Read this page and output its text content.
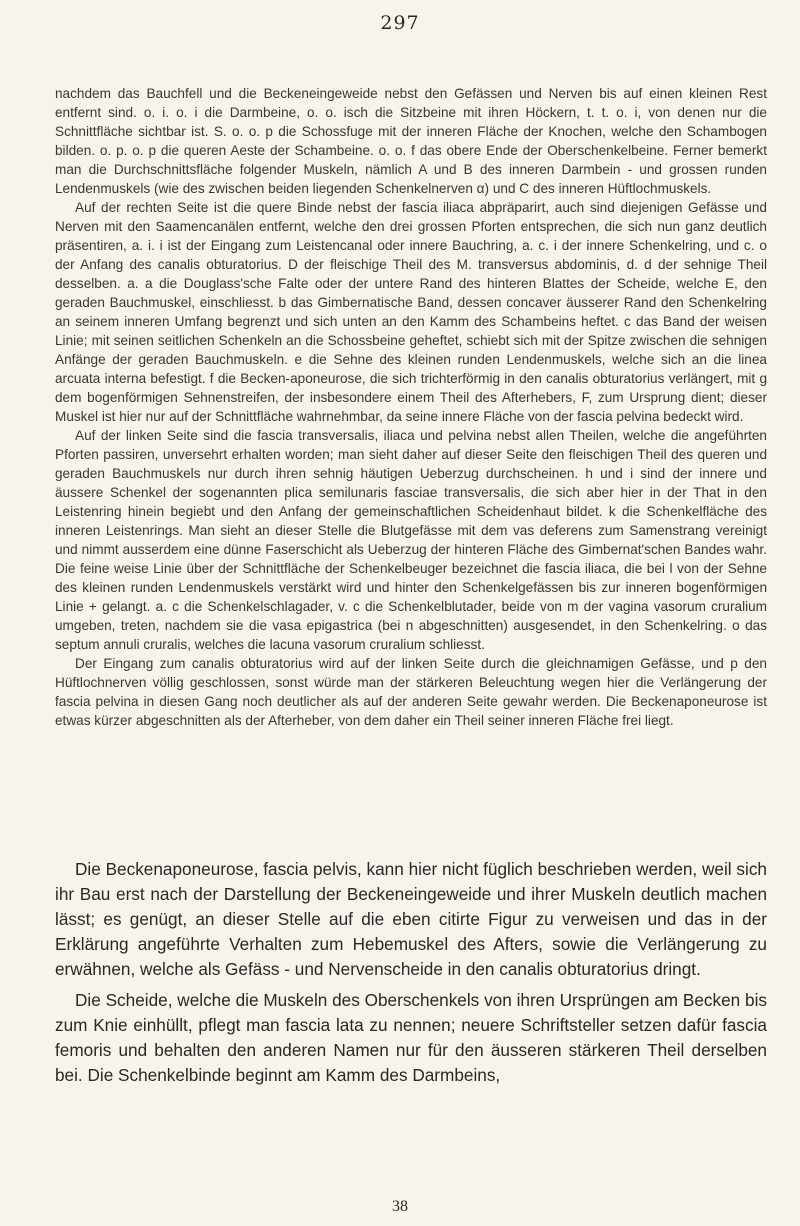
297

nachdem das Bauchfell und die Beckeneingeweide nebst den Gefässen und Nerven bis auf einen kleinen Rest entfernt sind. o. i. o. i die Darmbeine, o. o. isch die Sitzbeine mit ihren Höckern, t. t. o. i, von denen nur die Schnittfläche sichtbar ist. S. o. o. p die Schossfuge mit der inneren Fläche der Knochen, welche den Schambogen bilden. o. p. o. p die queren Aeste der Schambeine. o. o. f das obere Ende der Oberschenkelbeine. Ferner bemerkt man die Durchschnittsfläche folgender Muskeln, nämlich A und B des inneren Darmbein - und grossen runden Lendenmuskels (wie des zwischen beiden liegenden Schenkelnerven α) und C des inneren Hüftlochmuskels.

Auf der rechten Seite ist die quere Binde nebst der fascia iliaca abpräparirt, auch sind diejenigen Gefässe und Nerven mit den Saamencanälen entfernt, welche den drei grossen Pforten entsprechen, die sich nun ganz deutlich präsentiren, a. i. i ist der Eingang zum Leistencanal oder innere Bauchring, a. c. i der innere Schenkelring, und c. o der Anfang des canalis obturatorius. D der fleischige Theil des M. transversus abdominis, d. d der sehnige Theil desselben. a. a die Douglass'sche Falte oder der untere Rand des hinteren Blattes der Scheide, welche E, den geraden Bauchmuskel, einschliesst. b das Gimbernatische Band, dessen concaver äusserer Rand den Schenkelring an seinem inneren Umfang begrenzt und sich unten an den Kamm des Schambeins heftet. c das Band der weisen Linie; mit seinen seitlichen Schenkeln an die Schossbeine geheftet, schiebt sich mit der Spitze zwischen die sehnigen Anfänge der geraden Bauchmuskeln. e die Sehne des kleinen runden Lendenmuskels, welche sich an die linea arcuata interna befestigt. f die Becken-aponeurose, die sich trichterförmig in den canalis obturatorius verlängert, mit g dem bogenförmigen Sehnenstreifen, der insbesondere einem Theil des Afterhebers, F, zum Ursprung dient; dieser Muskel ist hier nur auf der Schnittfläche wahrnehmbar, da seine innere Fläche von der fascia pelvina bedeckt wird.

Auf der linken Seite sind die fascia transversalis, iliaca und pelvina nebst allen Theilen, welche die angeführten Pforten passiren, unversehrt erhalten worden; man sieht daher auf dieser Seite den fleischigen Theil des queren und geraden Bauchmuskels nur durch ihren sehnig häutigen Ueberzug durchscheinen. h und i sind der innere und äussere Schenkel der sogenannten plica semilunaris fasciae transversalis, die sich aber hier in der That in den Leistenring hinein begiebt und den Anfang der gemeinschaftlichen Scheidenhaut bildet. k die Schenkelfläche des inneren Leistenrings. Man sieht an dieser Stelle die Blutgefässe mit dem vas deferens zum Samenstrang vereinigt und nimmt ausserdem eine dünne Faserschicht als Ueberzug der hinteren Fläche des Gimbernat'schen Bandes wahr. Die feine weise Linie über der Schnittfläche der Schenkelbeuger bezeichnet die fascia iliaca, die bei l von der Sehne des kleinen runden Lendenmuskels verstärkt wird und hinter den Schenkelgefässen bis zur inneren bogenförmigen Linie + gelangt. a. c die Schenkelschlagader, v. c die Schenkelblutader, beide von m der vagina vasorum cruralium umgeben, treten, nachdem sie die vasa epigastrica (bei n abgeschnitten) ausgesendet, in den Schenkelring. o das septum annuli cruralis, welches die lacuna vasorum cruralium schliesst.

Der Eingang zum canalis obturatorius wird auf der linken Seite durch die gleichnamigen Gefässe, und p den Hüftlochnerven völlig geschlossen, sonst würde man der stärkeren Beleuchtung wegen hier die Verlängerung der fascia pelvina in diesen Gang noch deutlicher als auf der anderen Seite gewahr werden. Die Beckenaponeurose ist etwas kürzer abgeschnitten als der Afterheber, von dem daher ein Theil seiner inneren Fläche frei liegt.

Die Beckenaponeurose, fascia pelvis, kann hier nicht füglich beschrieben werden, weil sich ihr Bau erst nach der Darstellung der Beckeneingeweide und ihrer Muskeln deutlich machen lässt; es genügt, an dieser Stelle auf die eben citirte Figur zu verweisen und das in der Erklärung angeführte Verhalten zum Hebemuskel des Afters, sowie die Verlängerung zu erwähnen, welche als Gefäss - und Nervenscheide in den canalis obturatorius dringt.

Die Scheide, welche die Muskeln des Oberschenkels von ihren Ursprüngen am Becken bis zum Knie einhüllt, pflegt man fascia lata zu nennen; neuere Schriftsteller setzen dafür fascia femoris und behalten den anderen Namen nur für den äusseren stärkeren Theil derselben bei. Die Schenkelbinde beginnt am Kamm des Darmbeins,

38
